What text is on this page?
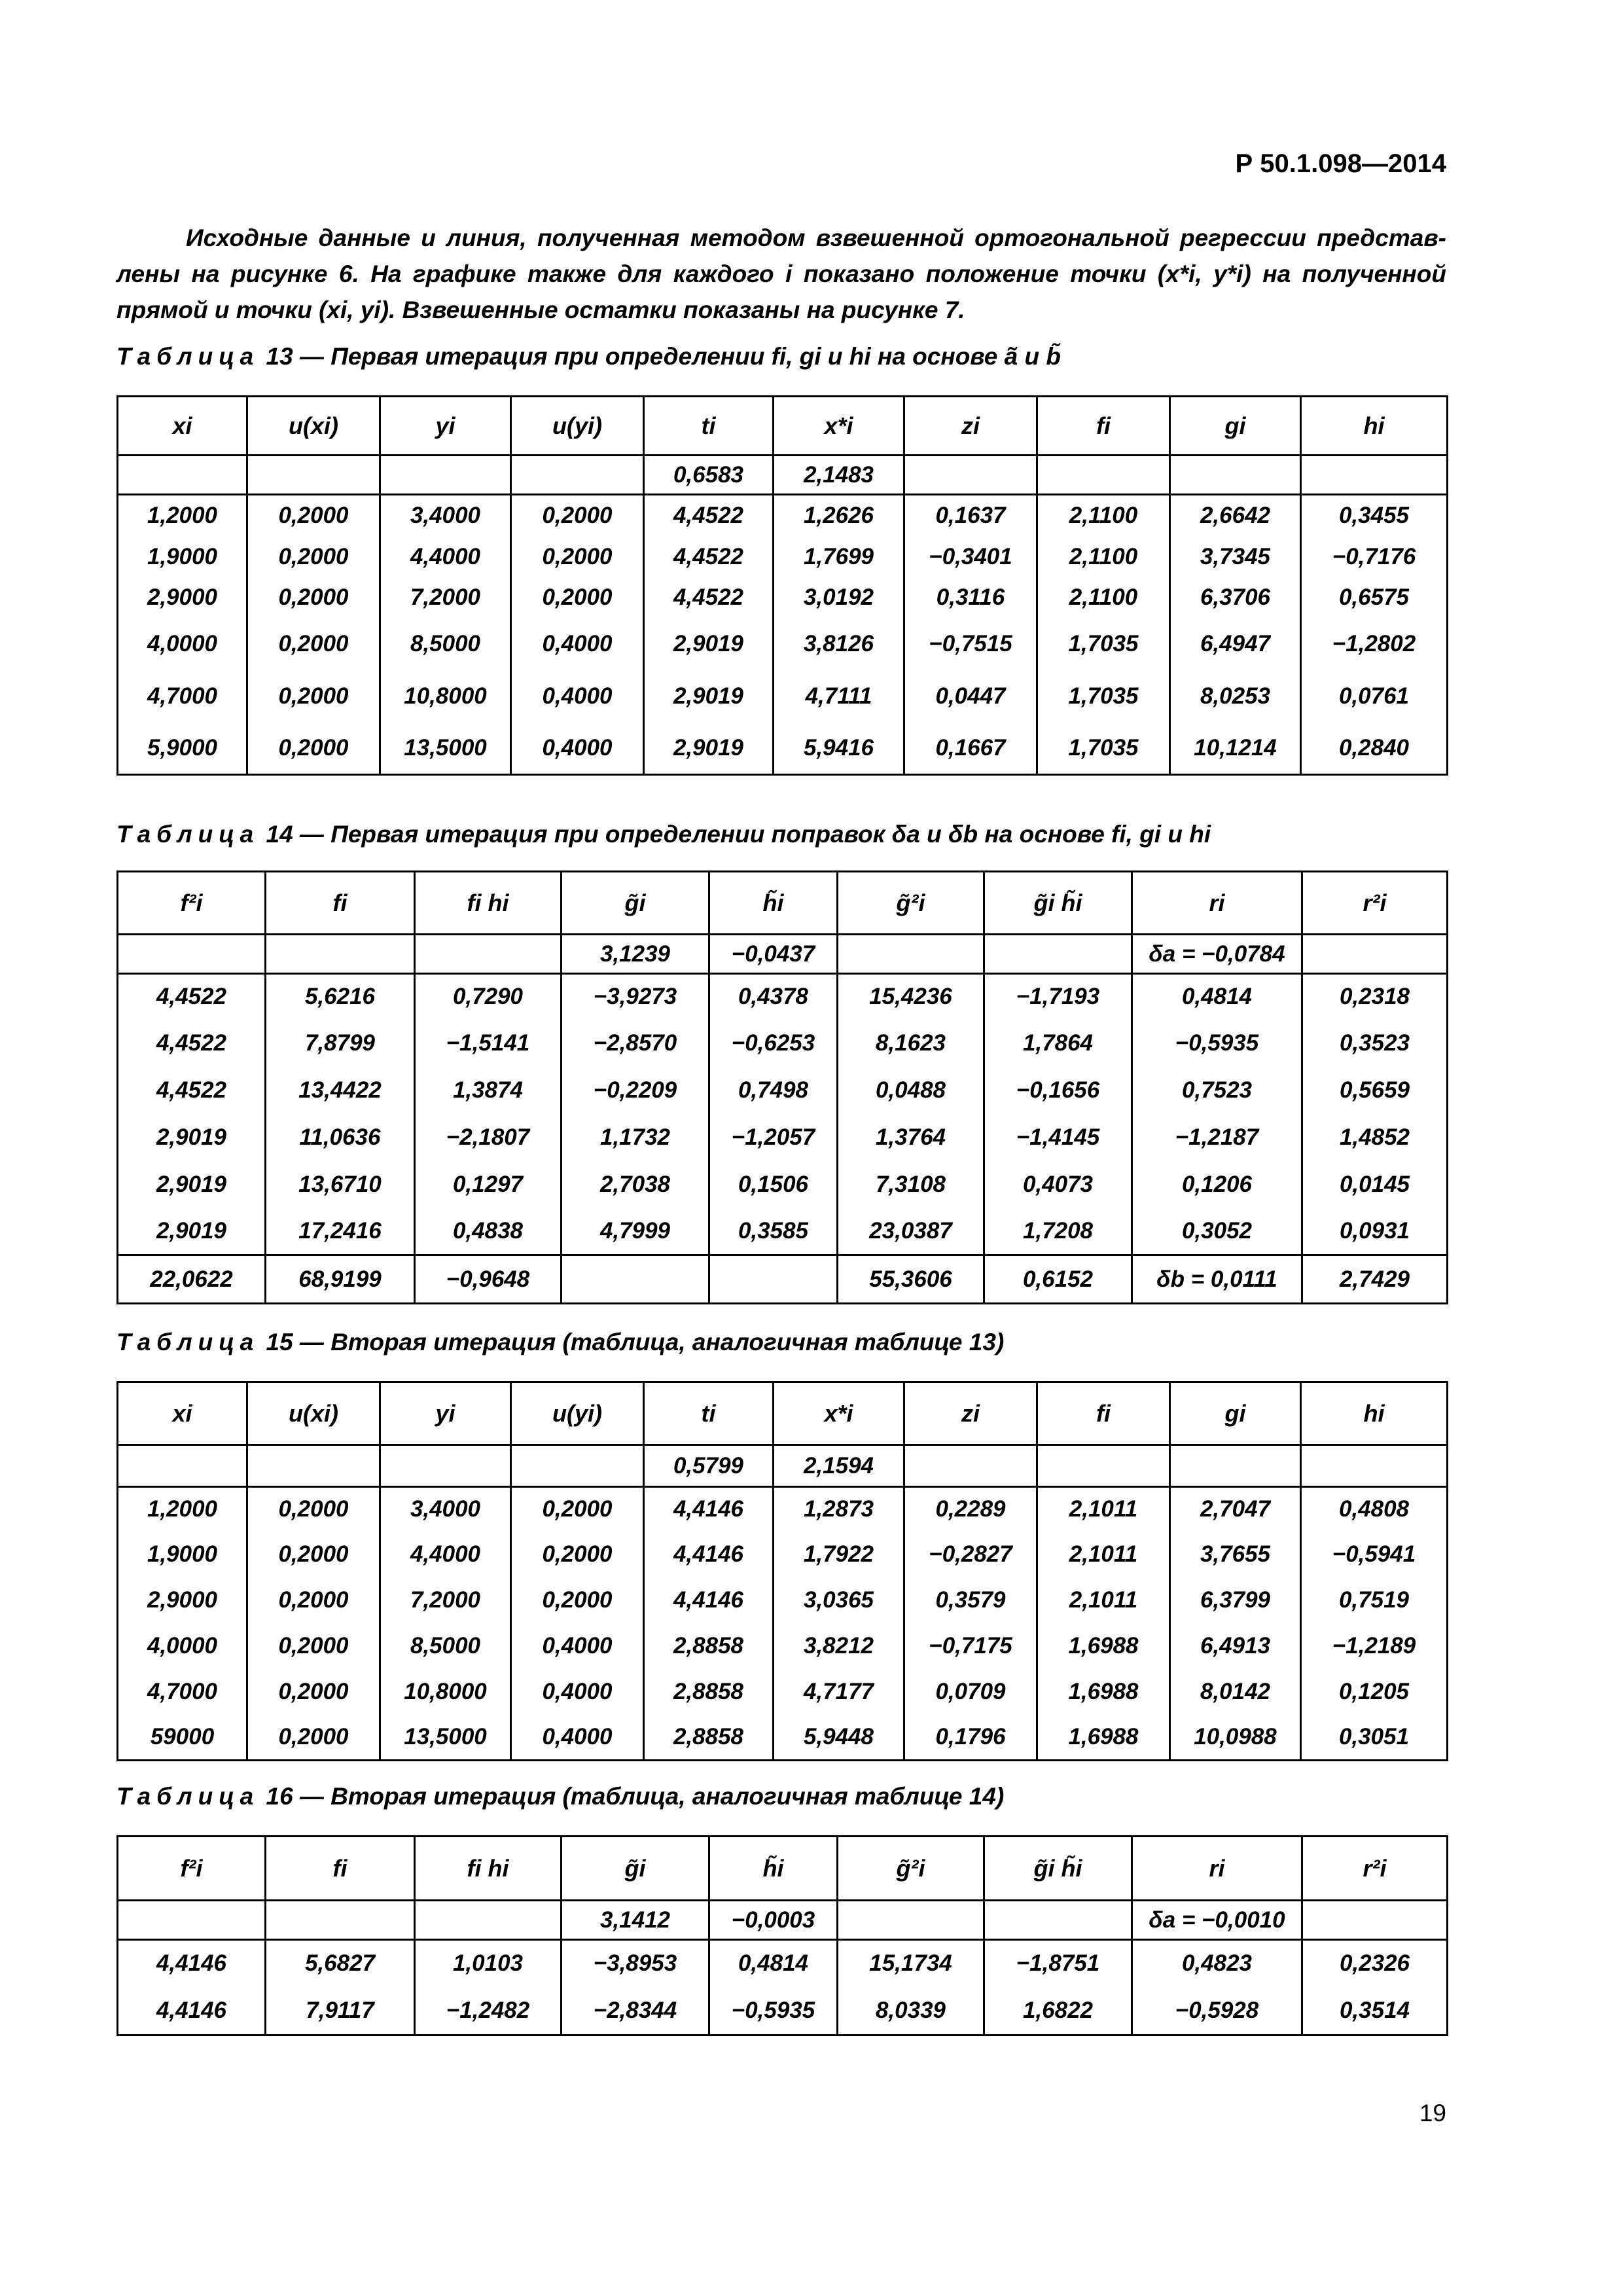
Р 50.1.098—2014

Исходные данные и линия, полученная методом взвешенной ортогональной регрессии представ- лены на рисунке 6. На графике также для каждого i показано положение точки (x*i, y*i) на полученной прямой и точки (xi, yi). Взвешенные остатки показаны на рисунке 7.

Таблица 13 — Первая итерация при определении fi, gi и hi на основе ã и b̃

xi	u(xi)	yi	u(yi)	ti	x*i	zi	fi	gi	hi
				0,6583	2,1483				
1,2000	0,2000	3,4000	0,2000	4,4522	1,2626	0,1637	2,1100	2,6642	0,3455
1,9000	0,2000	4,4000	0,2000	4,4522	1,7699	−0,3401	2,1100	3,7345	−0,7176
2,9000	0,2000	7,2000	0,2000	4,4522	3,0192	0,3116	2,1100	6,3706	0,6575
4,0000	0,2000	8,5000	0,4000	2,9019	3,8126	−0,7515	1,7035	6,4947	−1,2802
4,7000	0,2000	10,8000	0,4000	2,9019	4,7111	0,0447	1,7035	8,0253	0,0761
5,9000	0,2000	13,5000	0,4000	2,9019	5,9416	0,1667	1,7035	10,1214	0,2840

Таблица 14 — Первая итерация при определении поправок δa и δb на основе fi, gi и hi

f²i	fi	fi hi	g̃i	h̃i	g̃²i	g̃i h̃i	ri	r²i
			3,1239	−0,0437			δa = −0,0784	
4,4522	5,6216	0,7290	−3,9273	0,4378	15,4236	−1,7193	0,4814	0,2318
4,4522	7,8799	−1,5141	−2,8570	−0,6253	8,1623	1,7864	−0,5935	0,3523
4,4522	13,4422	1,3874	−0,2209	0,7498	0,0488	−0,1656	0,7523	0,5659
2,9019	11,0636	−2,1807	1,1732	−1,2057	1,3764	−1,4145	−1,2187	1,4852
2,9019	13,6710	0,1297	2,7038	0,1506	7,3108	0,4073	0,1206	0,0145
2,9019	17,2416	0,4838	4,7999	0,3585	23,0387	1,7208	0,3052	0,0931
22,0622	68,9199	−0,9648			55,3606	0,6152	δb = 0,0111	2,7429

Таблица 15 — Вторая итерация (таблица, аналогичная таблице 13)

xi	u(xi)	yi	u(yi)	ti	x*i	zi	fi	gi	hi
				0,5799	2,1594				
1,2000	0,2000	3,4000	0,2000	4,4146	1,2873	0,2289	2,1011	2,7047	0,4808
1,9000	0,2000	4,4000	0,2000	4,4146	1,7922	−0,2827	2,1011	3,7655	−0,5941
2,9000	0,2000	7,2000	0,2000	4,4146	3,0365	0,3579	2,1011	6,3799	0,7519
4,0000	0,2000	8,5000	0,4000	2,8858	3,8212	−0,7175	1,6988	6,4913	−1,2189
4,7000	0,2000	10,8000	0,4000	2,8858	4,7177	0,0709	1,6988	8,0142	0,1205
59000	0,2000	13,5000	0,4000	2,8858	5,9448	0,1796	1,6988	10,0988	0,3051

Таблица 16 — Вторая итерация (таблица, аналогичная таблице 14)

f²i	fi	fi hi	g̃i	h̃i	g̃²i	g̃i h̃i	ri	r²i
			3,1412	−0,0003			δa = −0,0010	
4,4146	5,6827	1,0103	−3,8953	0,4814	15,1734	−1,8751	0,4823	0,2326
4,4146	7,9117	−1,2482	−2,8344	−0,5935	8,0339	1,6822	−0,5928	0,3514
19
